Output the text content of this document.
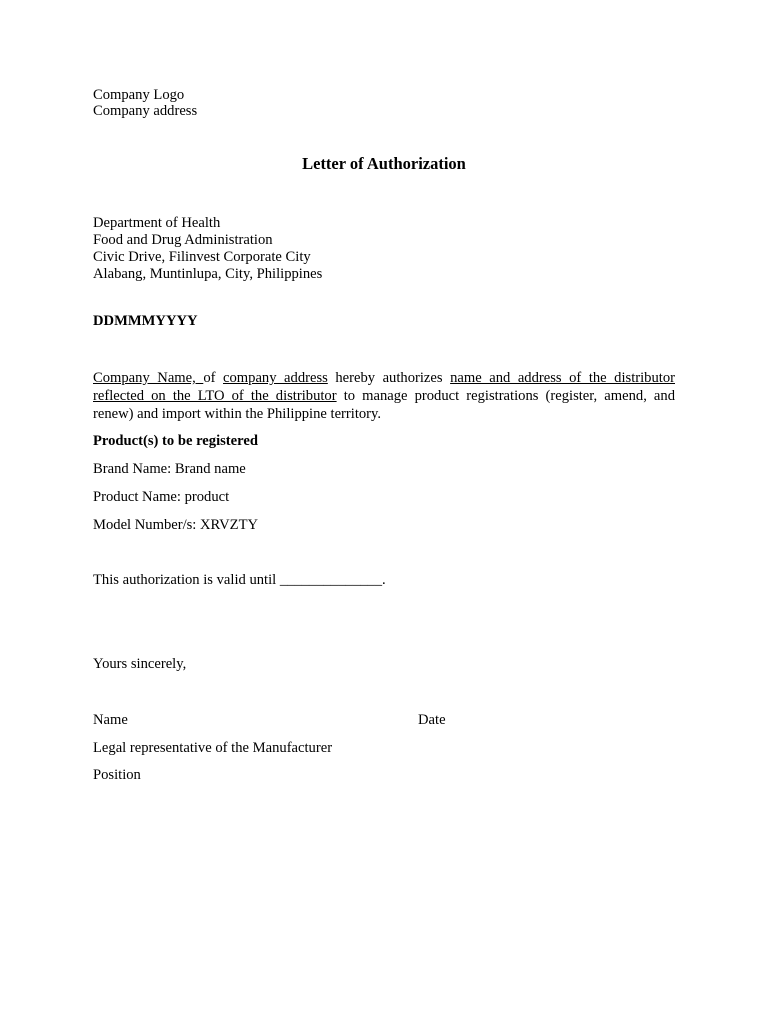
Company Logo
Company address
Letter of Authorization
Department of Health
Food and Drug Administration
Civic Drive, Filinvest Corporate City
Alabang, Muntinlupa, City, Philippines
DDMMMYYYY
Company Name, of company address hereby authorizes name and address of the distributor
reflected on the LTO of the distributor to manage product registrations (register, amend, and
renew) and import within the Philippine territory.
Product(s) to be registered
Brand Name: Brand name
Product Name: product
Model Number/s: XRVZTY
This authorization is valid until ______________.
Yours sincerely,
Name	Date
Legal representative of the Manufacturer
Position
